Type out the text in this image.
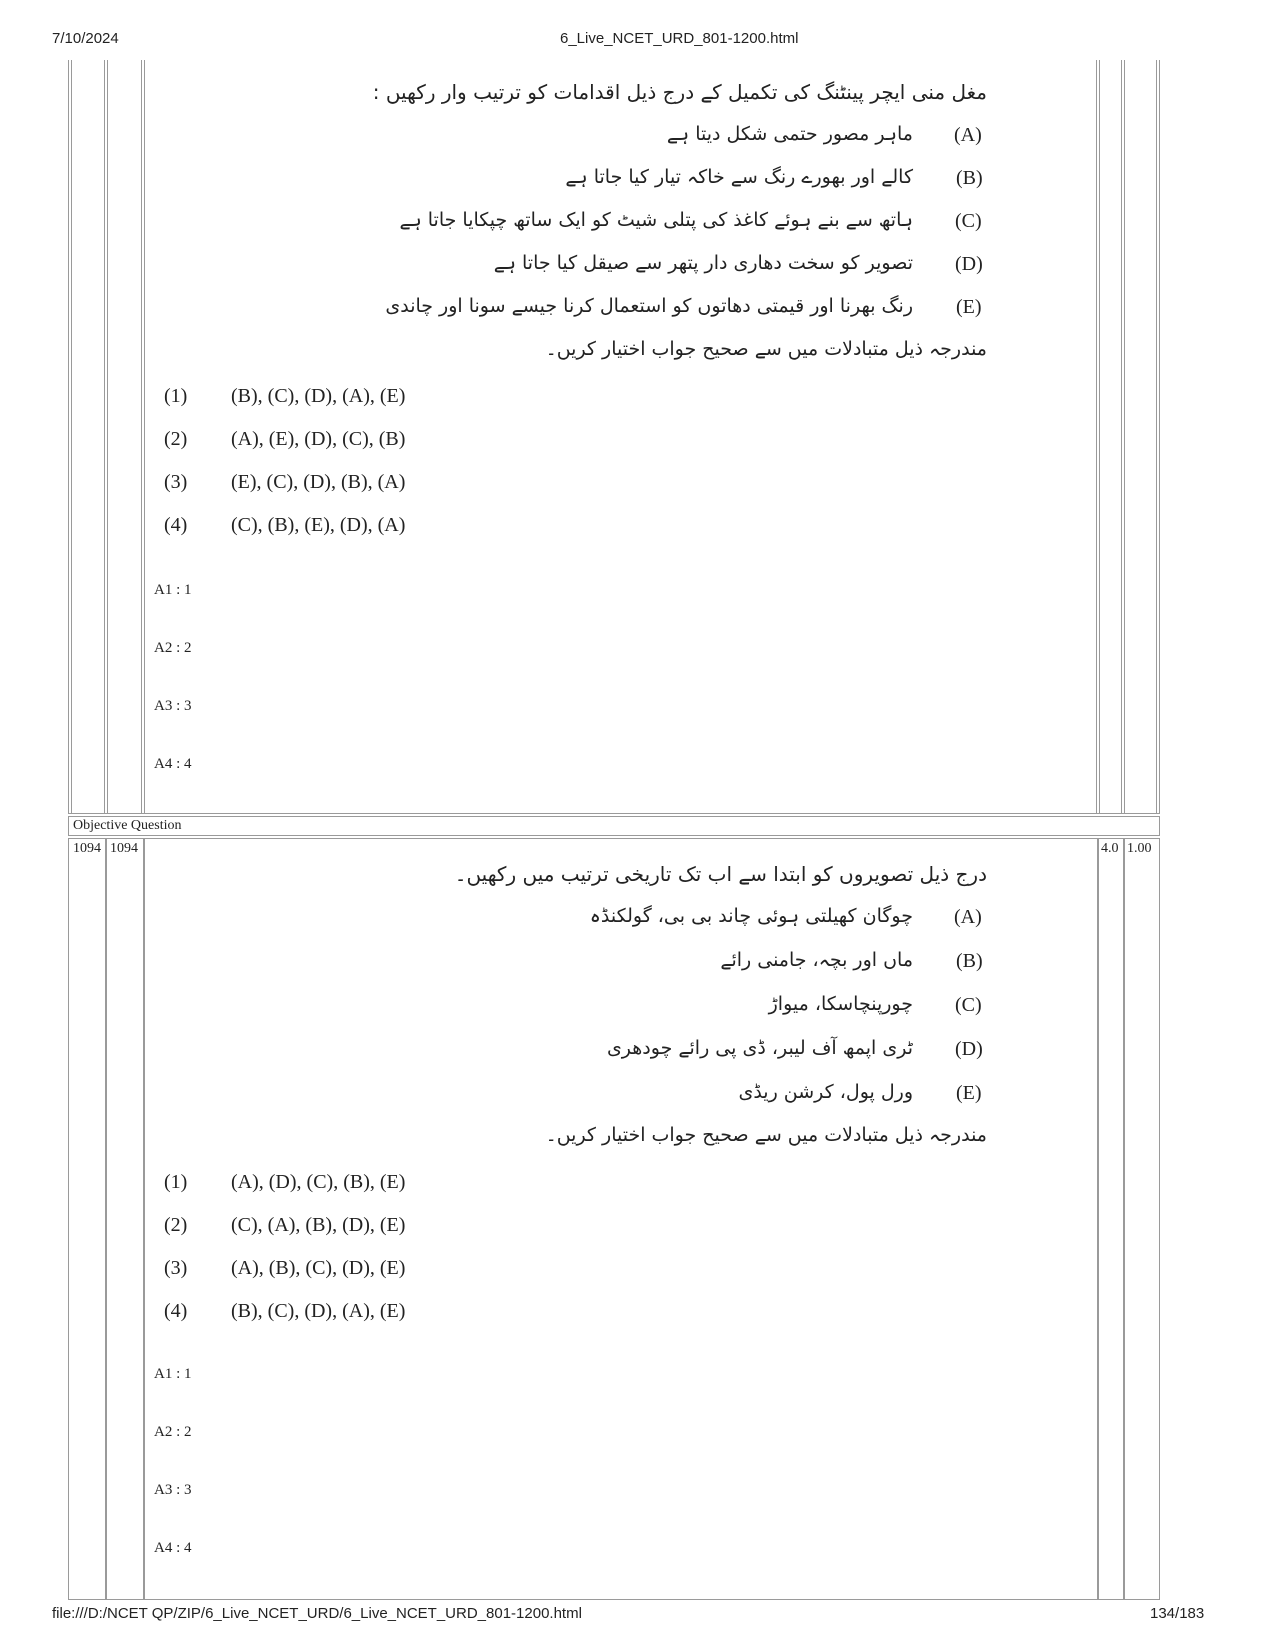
7/10/2024	6_Live_NCET_URD_801-1200.html
مغل منی ایچر پینٹنگ کی تکمیل کے درج ذیل اقدامات کو ترتیب وار رکھیں :
(A)
ماہر مصور حتمی شکل دیتا ہے
(B)
کالے اور بھورے رنگ سے خاکہ تیار کیا جاتا ہے
(C)
ہاتھ سے بنے ہوئے کاغذ کی پتلی شیٹ کو ایک ساتھ چپکایا جاتا ہے
(D)
تصویر کو سخت دھاری دار پتھر سے صیقل کیا جاتا ہے
(E)
رنگ بھرنا اور قیمتی دھاتوں کو استعمال کرنا جیسے سونا اور چاندی
مندرجہ ذیل متبادلات میں سے صحیح جواب اختیار کریں۔
(1) (B), (C), (D), (A), (E)
(2) (A), (E), (D), (C), (B)
(3) (E), (C), (D), (B), (A)
(4) (C), (B), (E), (D), (A)
A1 : 1
A2 : 2
A3 : 3
A4 : 4
Objective Question
1094 1094	4.0 1.00
درج ذیل تصویروں کو ابتدا سے اب تک تاریخی ترتیب میں رکھیں۔
(A)
چوگان کھیلتی ہوئی چاند بی بی، گولکنڈہ
(B)
ماں اور بچہ، جامنی رائے
(C)
چورپنچاسکا، میواڑ
(D)
ٹری اپمھ آف لیبر، ڈی پی رائے چودھری
(E)
ورل پول، کرشن ریڈی
مندرجہ ذیل متبادلات میں سے صحیح جواب اختیار کریں۔
(1) (A), (D), (C), (B), (E)
(2) (C), (A), (B), (D), (E)
(3) (A), (B), (C), (D), (E)
(4) (B), (C), (D), (A), (E)
A1 : 1
A2 : 2
A3 : 3
A4 : 4
file:///D:/NCET QP/ZIP/6_Live_NCET_URD/6_Live_NCET_URD_801-1200.html	134/183
